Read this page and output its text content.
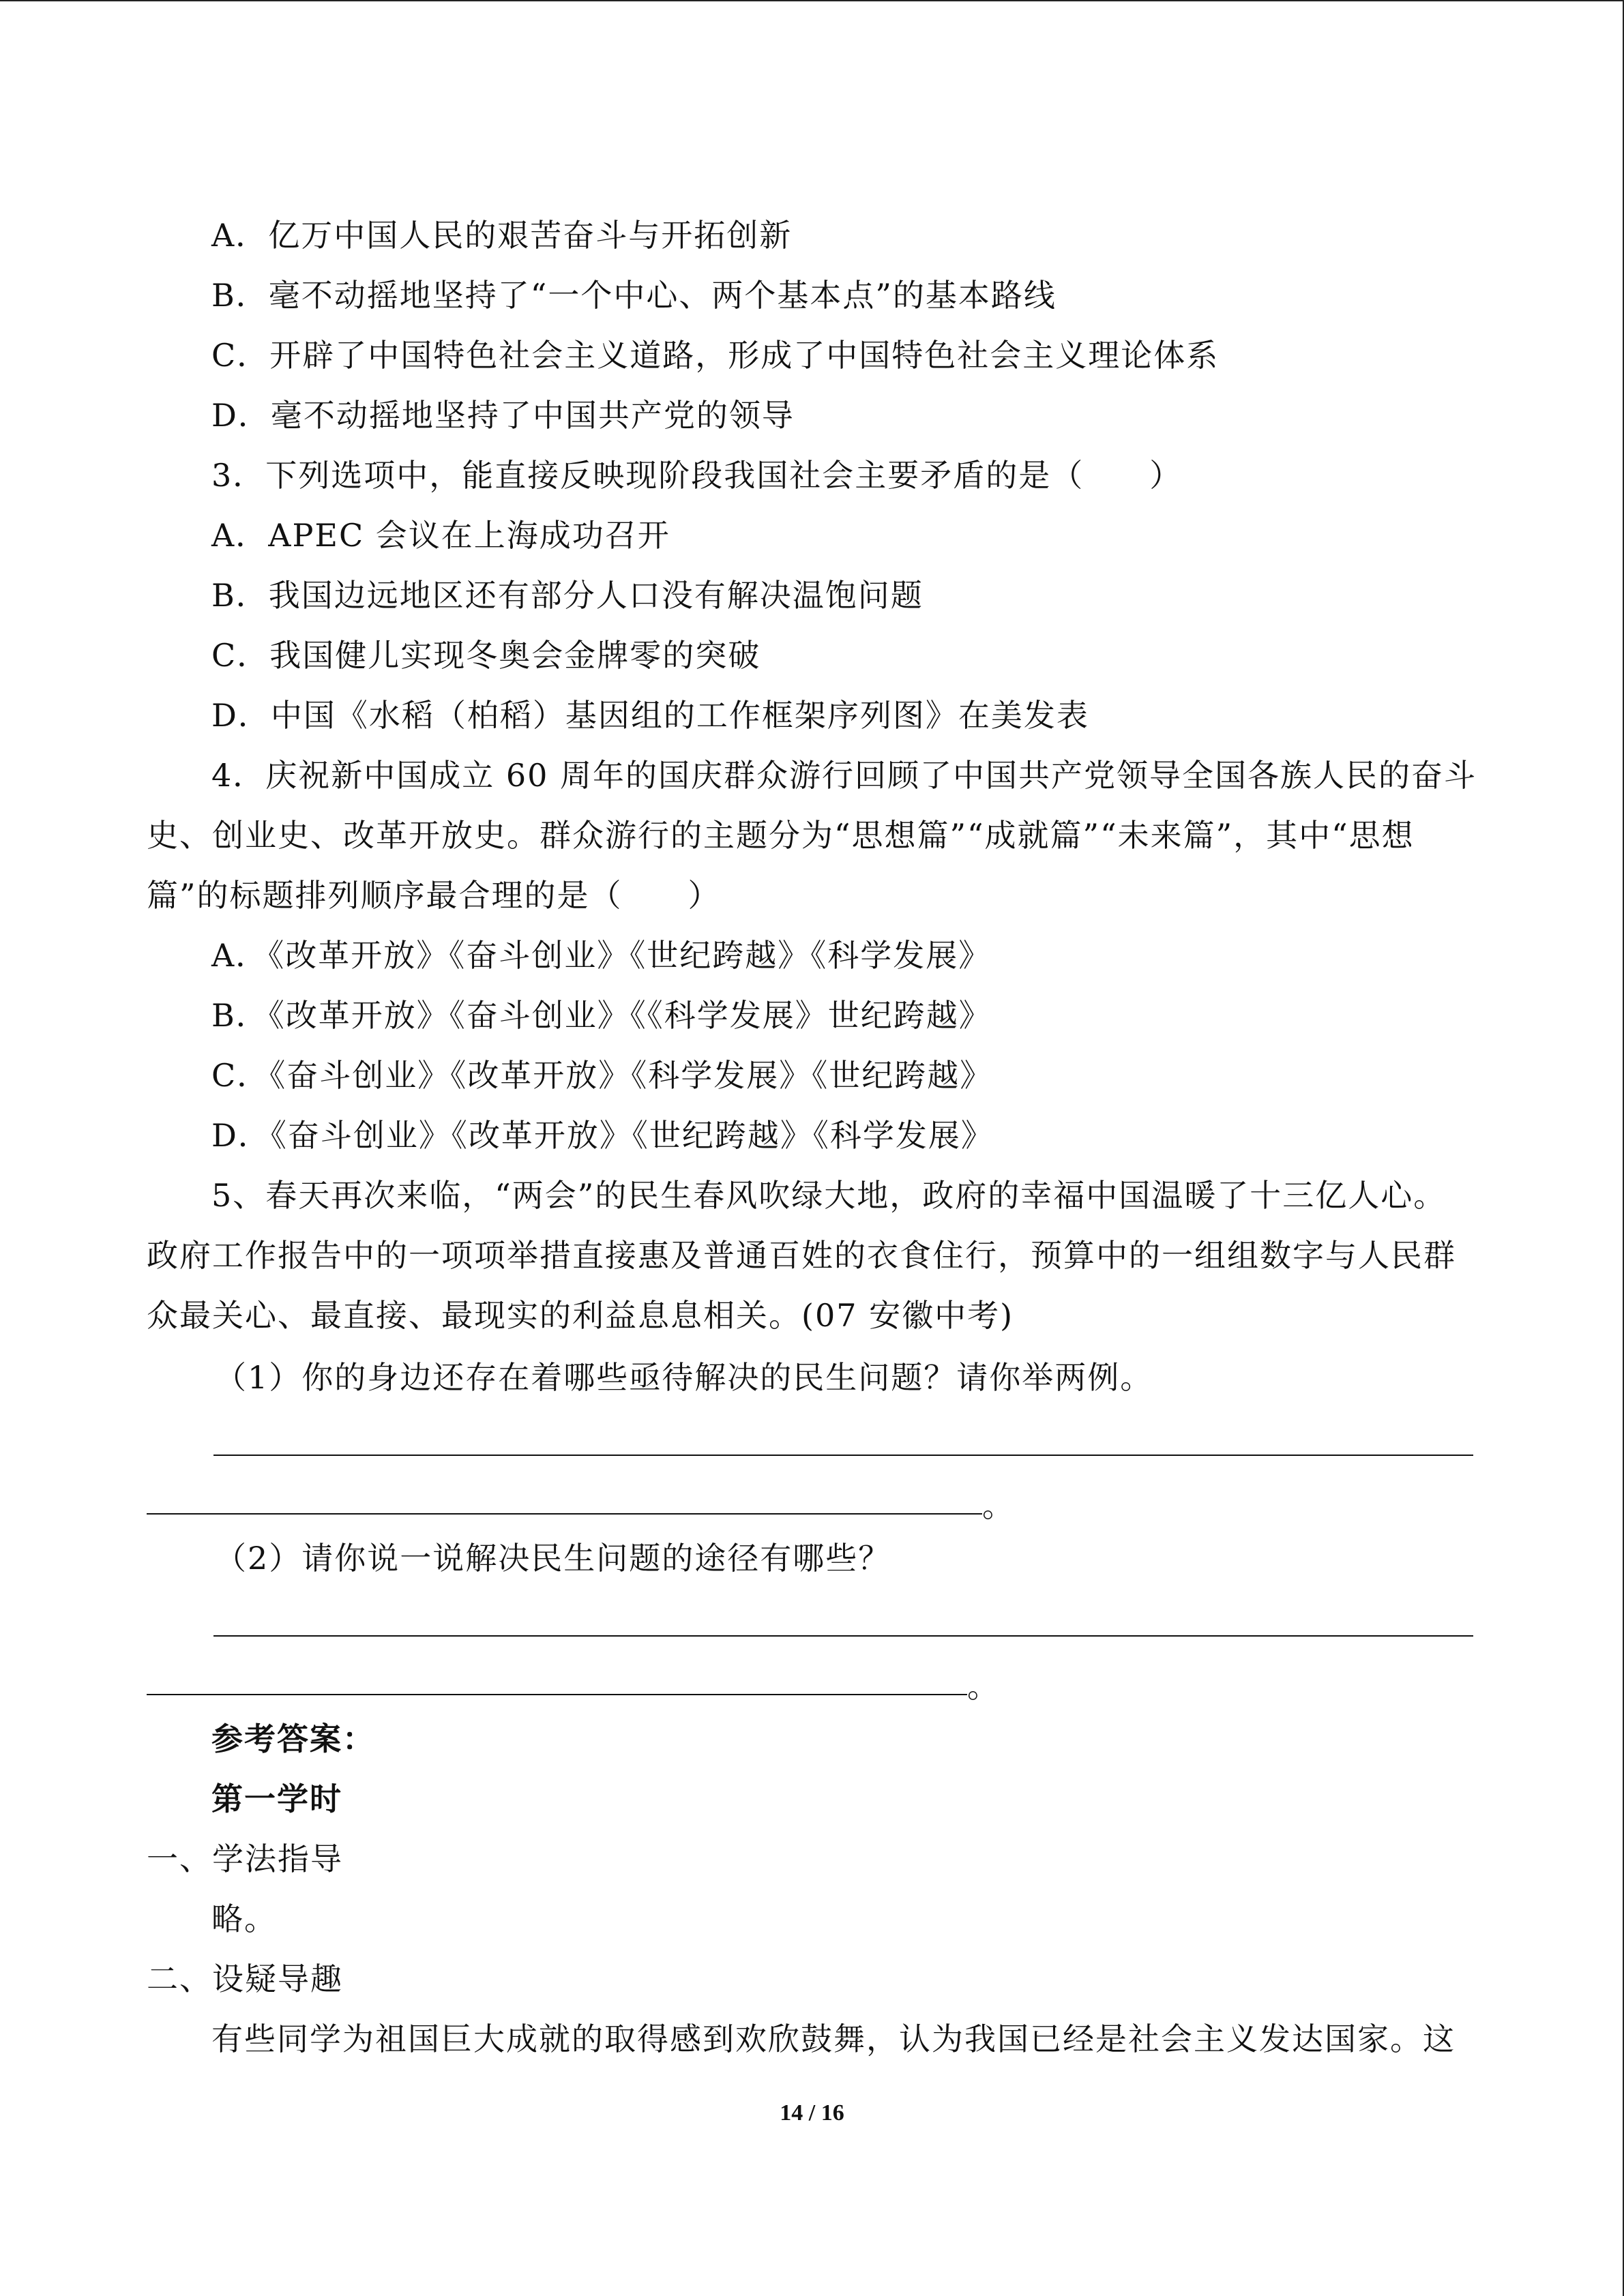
A．亿万中国人民的艰苦奋斗与开拓创新
B．毫不动摇地坚持了“一个中心、两个基本点”的基本路线
C．开辟了中国特色社会主义道路，形成了中国特色社会主义理论体系
D．毫不动摇地坚持了中国共产党的领导
3．下列选项中，能直接反映现阶段我国社会主要矛盾的是（　　）
A．APEC 会议在上海成功召开
B．我国边远地区还有部分人口没有解决温饱问题
C．我国健儿实现冬奥会金牌零的突破
D．中国《水稻（柏稻）基因组的工作框架序列图》在美发表
4．庆祝新中国成立 60 周年的国庆群众游行回顾了中国共产党领导全国各族人民的奋斗
史、创业史、改革开放史。群众游行的主题分为“思想篇”“成就篇”“未来篇”，其中“思想
篇”的标题排列顺序最合理的是（　　）
A．《改革开放》《奋斗创业》《世纪跨越》《科学发展》
B．《改革开放》《奋斗创业》《《科学发展》世纪跨越》
C．《奋斗创业》《改革开放》《科学发展》《世纪跨越》
D．《奋斗创业》《改革开放》《世纪跨越》《科学发展》
5、春天再次来临，“两会”的民生春风吹绿大地，政府的幸福中国温暖了十三亿人心。
政府工作报告中的一项项举措直接惠及普通百姓的衣食住行，预算中的一组组数字与人民群
众最关心、最直接、最现实的利益息息相关。(07 安徽中考)
（1）你的身边还存在着哪些亟待解决的民生问题？请你举两例。
。
（2）请你说一说解决民生问题的途径有哪些？
。
参考答案：
第一学时
一、学法指导
略。
二、设疑导趣
有些同学为祖国巨大成就的取得感到欢欣鼓舞，认为我国已经是社会主义发达国家。这
14 / 16
